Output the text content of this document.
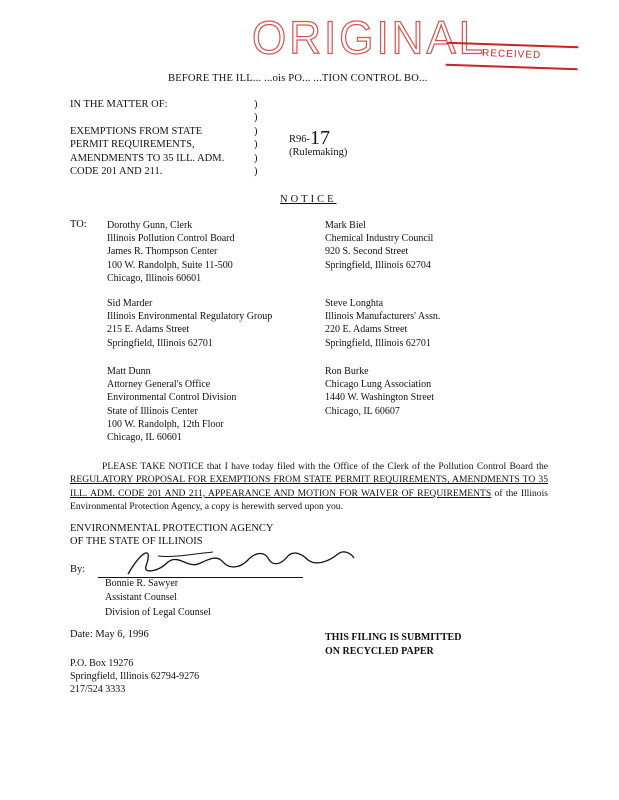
ORIGINAL
RECEIVED
BEFORE THE ILL... ...ois PO... ...TION CONTROL BO...
IN THE MATTER OF:
EXEMPTIONS FROM STATE
PERMIT REQUIREMENTS,
AMENDMENTS TO 35 ILL. ADM.
CODE 201 AND 211.
)
)
)
)
)
)
R96-17
(Rulemaking)
NOTICE
TO: Dorothy Gunn, Clerk
Illinois Pollution Control Board
James R. Thompson Center
100 W. Randolph, Suite 11-500
Chicago, Illinois 60601
Sid Marder
Illinois Environmental Regulatory Group
215 E. Adams Street
Springfield, Illinois 62701
Matt Dunn
Attorney General's Office
Environmental Control Division
State of Illinois Center
100 W. Randolph, 12th Floor
Chicago, IL 60601
Mark Biel
Chemical Industry Council
920 S. Second Street
Springfield, Illinois 62704
Steve Longhta
Illinois Manufacturers' Assn.
220 E. Adams Street
Springfield, Illinois 62701
Ron Burke
Chicago Lung Association
1440 W. Washington Street
Chicago, IL 60607
PLEASE TAKE NOTICE that I have today filed with the Office of the Clerk of the Pollution Control Board the REGULATORY PROPOSAL FOR EXEMPTIONS FROM STATE PERMIT REQUIREMENTS, AMENDMENTS TO 35 ILL. ADM. CODE 201 AND 211, APPEARANCE AND MOTION FOR WAIVER OF REQUIREMENTS of the Illinois Environmental Protection Agency, a copy is herewith served upon you.
ENVIRONMENTAL PROTECTION AGENCY
OF THE STATE OF ILLINOIS
By:
Bonnie R. Sawyer
Assistant Counsel
Division of Legal Counsel
Date: May 6, 1996	THIS FILING IS SUBMITTED
ON RECYCLED PAPER
P.O. Box 19276
Springfield, Illinois 62794-9276
217/524 3333
